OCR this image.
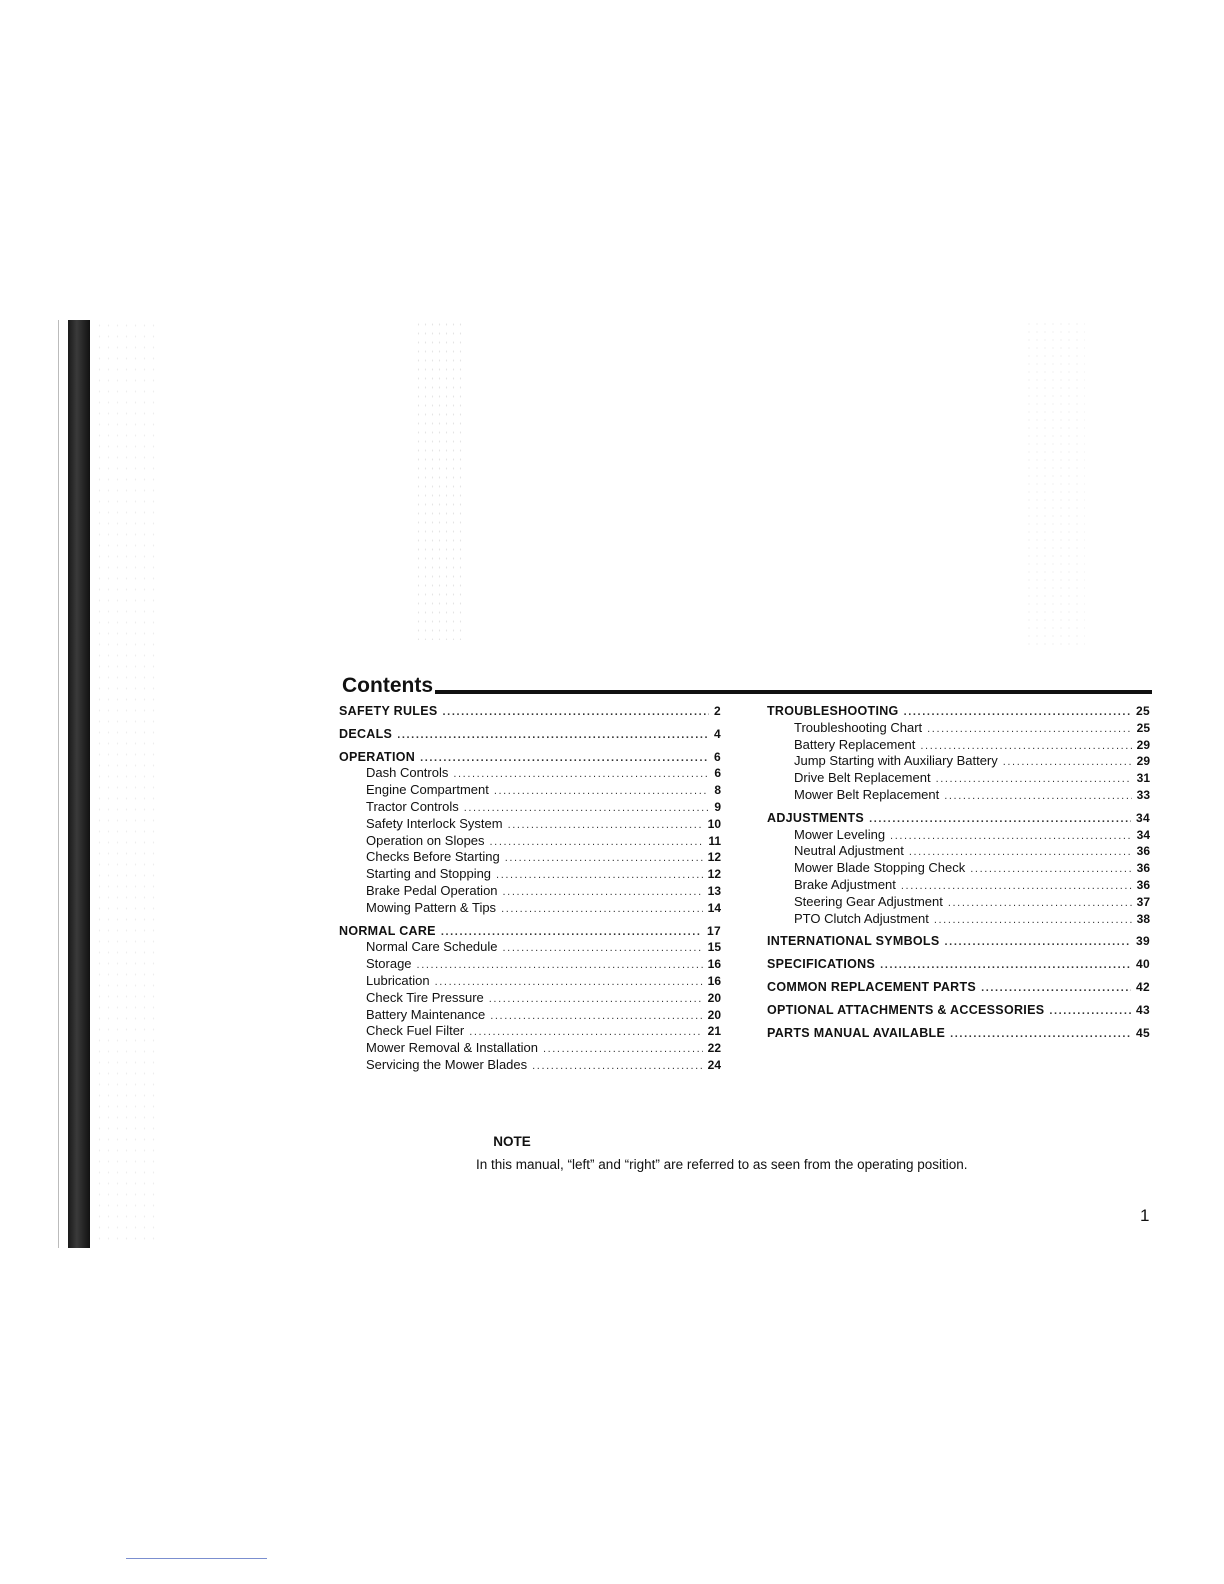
Contents
SAFETY RULES .....	2
DECALS .....	4
OPERATION .....	6
Dash Controls .....	6
Engine Compartment .....	8
Tractor Controls .....	9
Safety Interlock System .....	10
Operation on Slopes .....	11
Checks Before Starting .....	12
Starting and Stopping .....	12
Brake Pedal Operation .....	13
Mowing Pattern & Tips .....	14
NORMAL CARE .....	17
Normal Care Schedule .....	15
Storage .....	16
Lubrication .....	16
Check Tire Pressure .....	20
Battery Maintenance .....	20
Check Fuel Filter .....	21
Mower Removal & Installation .....	22
Servicing the Mower Blades .....	24
TROUBLESHOOTING .....	25
Troubleshooting Chart .....	25
Battery Replacement .....	29
Jump Starting with Auxiliary Battery .....	29
Drive Belt Replacement .....	31
Mower Belt Replacement .....	33
ADJUSTMENTS .....	34
Mower Leveling .....	34
Neutral Adjustment .....	36
Mower Blade Stopping Check .....	36
Brake Adjustment .....	36
Steering Gear Adjustment .....	37
PTO Clutch Adjustment .....	38
INTERNATIONAL SYMBOLS .....	39
SPECIFICATIONS .....	40
COMMON REPLACEMENT PARTS .....	42
OPTIONAL ATTACHMENTS & ACCESSORIES .....	43
PARTS MANUAL AVAILABLE .....	45
NOTE
In this manual, “left” and “right” are referred to as seen from the operating position.
1
